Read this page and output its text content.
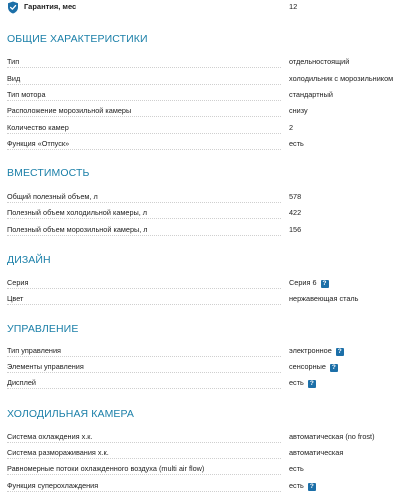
Гарантия, мес	12
ОБЩИЕ ХАРАКТЕРИСТИКИ
Тип	отдельностоящий
Вид	холодильник с морозильником
Тип мотора	стандартный
Расположение морозильной камеры	снизу
Количество камер	2
Функция «Отпуск»	есть
ВМЕСТИМОСТЬ
Общий полезный объем, л	578
Полезный объем холодильной камеры, л	422
Полезный объем морозильной камеры, л	156
ДИЗАЙН
Серия	Серия 6 ?
Цвет	нержавеющая сталь
УПРАВЛЕНИЕ
Тип управления	электронное ?
Элементы управления	сенсорные ?
Дисплей	есть ?
ХОЛОДИЛЬНАЯ КАМЕРА
Система охлаждения х.к.	автоматическая (no frost)
Система размораживания х.к.	автоматическая
Равномерные потоки охлажденного воздуха (multi air flow)	есть
Функция суперохлаждения	есть ?
